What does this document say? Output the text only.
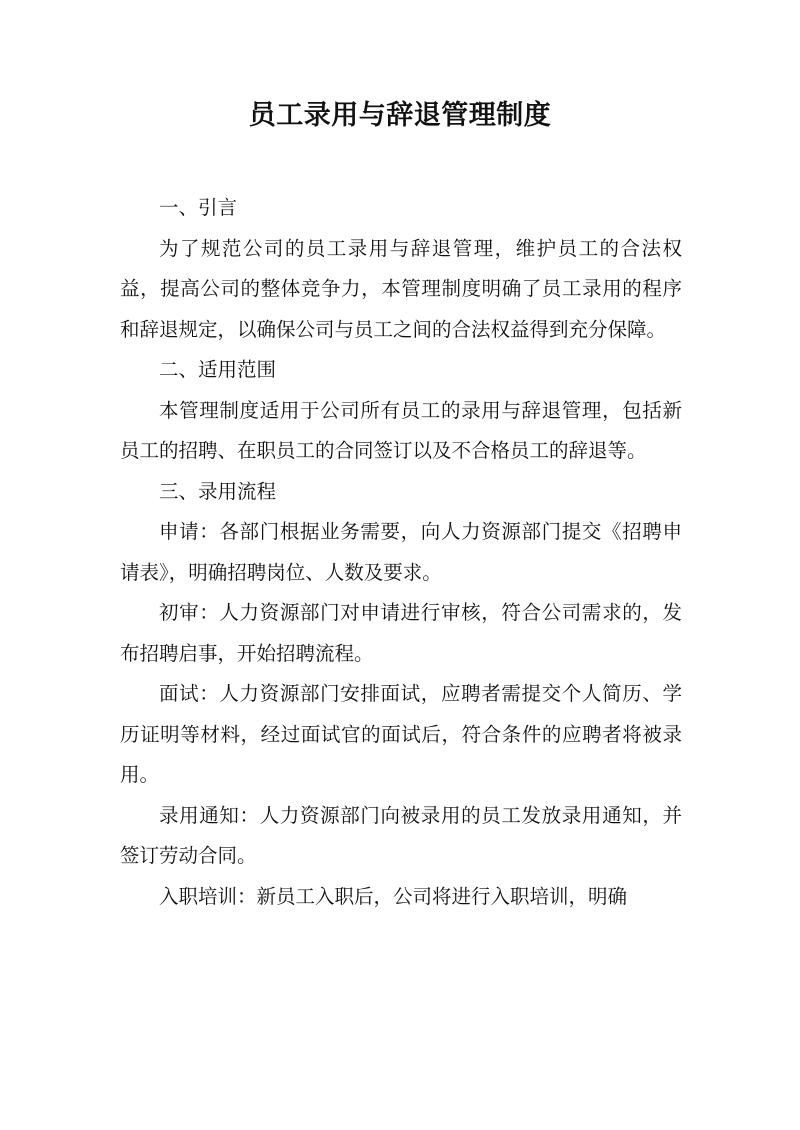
员工录用与辞退管理制度
一、引言

为了规范公司的员工录用与辞退管理，维护员工的合法权益，提高公司的整体竞争力，本管理制度明确了员工录用的程序和辞退规定，以确保公司与员工之间的合法权益得到充分保障。

二、适用范围

本管理制度适用于公司所有员工的录用与辞退管理，包括新员工的招聘、在职员工的合同签订以及不合格员工的辞退等。

三、录用流程

申请：各部门根据业务需要，向人力资源部门提交《招聘申请表》，明确招聘岗位、人数及要求。

初审：人力资源部门对申请进行审核，符合公司需求的，发布招聘启事，开始招聘流程。

面试：人力资源部门安排面试，应聘者需提交个人简历、学历证明等材料，经过面试官的面试后，符合条件的应聘者将被录用。

录用通知：人力资源部门向被录用的员工发放录用通知，并签订劳动合同。

入职培训：新员工入职后，公司将进行入职培训，明确
